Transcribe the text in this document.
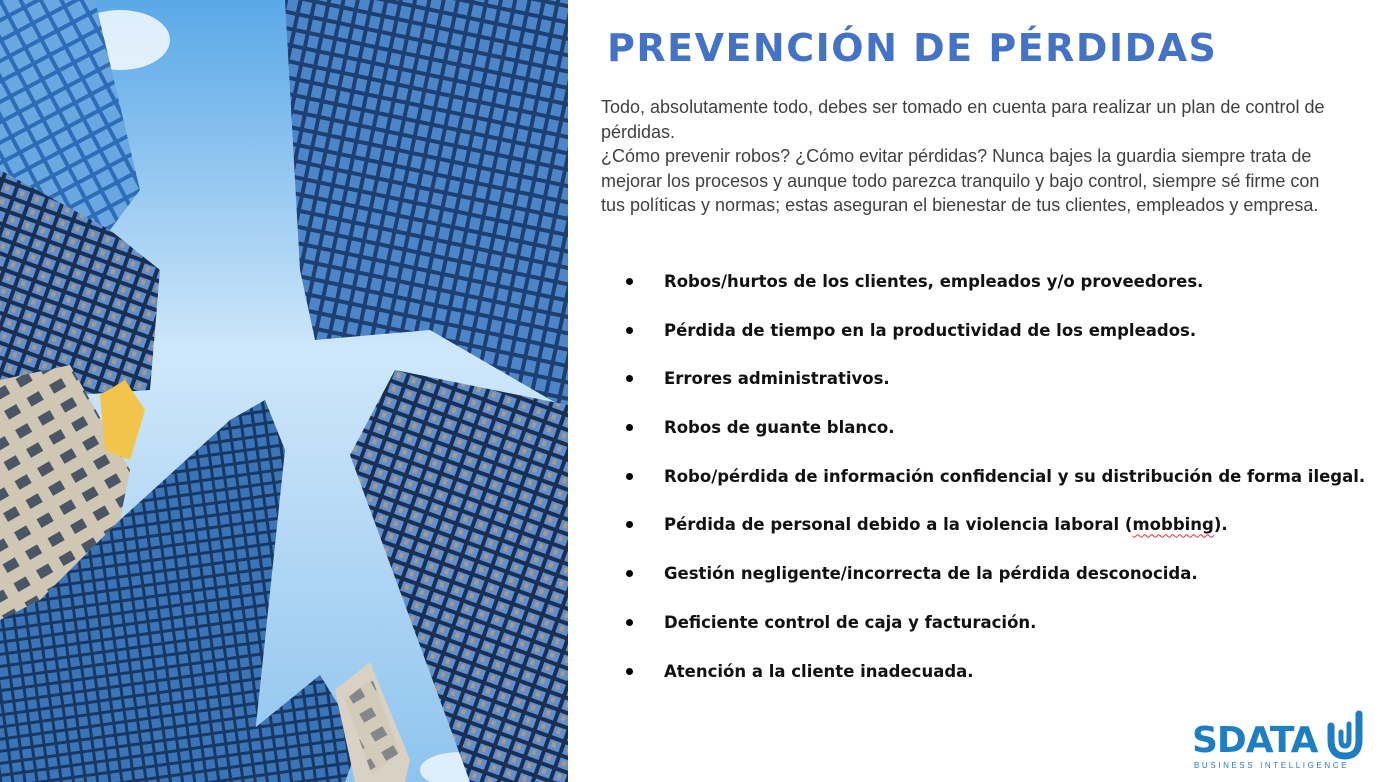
PREVENCIÓN DE PÉRDIDAS

Todo, absolutamente todo, debes ser tomado en cuenta para realizar un plan de control de pérdidas.

¿Cómo prevenir robos? ¿Cómo evitar pérdidas? Nunca bajes la guardia siempre trata de mejorar los procesos y aunque todo parezca tranquilo y bajo control, siempre sé firme con tus políticas y normas; estas aseguran el bienestar de tus clientes, empleados y empresa.

Robos/hurtos de los clientes, empleados y/o proveedores.
Pérdida de tiempo en la productividad de los empleados.
Errores administrativos.
Robos de guante blanco.
Robo/pérdida de información confidencial y su distribución de forma ilegal.
Pérdida de personal debido a la violencia laboral (mobbing).
Gestión negligente/incorrecta de la pérdida desconocida.
Deficiente control de caja y facturación.
Atención a la cliente inadecuada.
SDATA
BUSINESS INTELLIGENCE
